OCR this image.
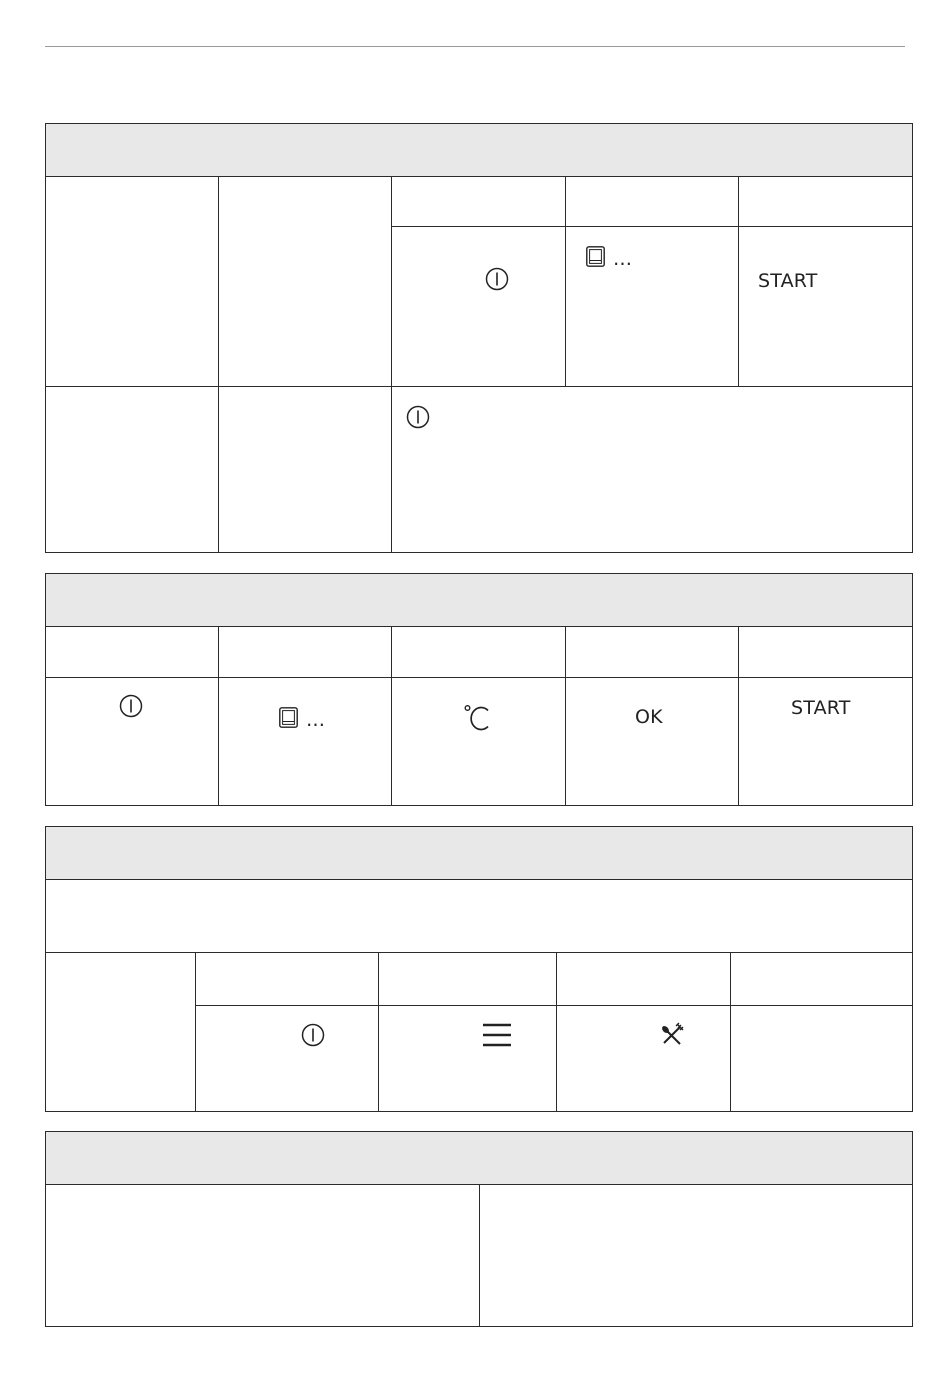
…
START
…	OK	START
